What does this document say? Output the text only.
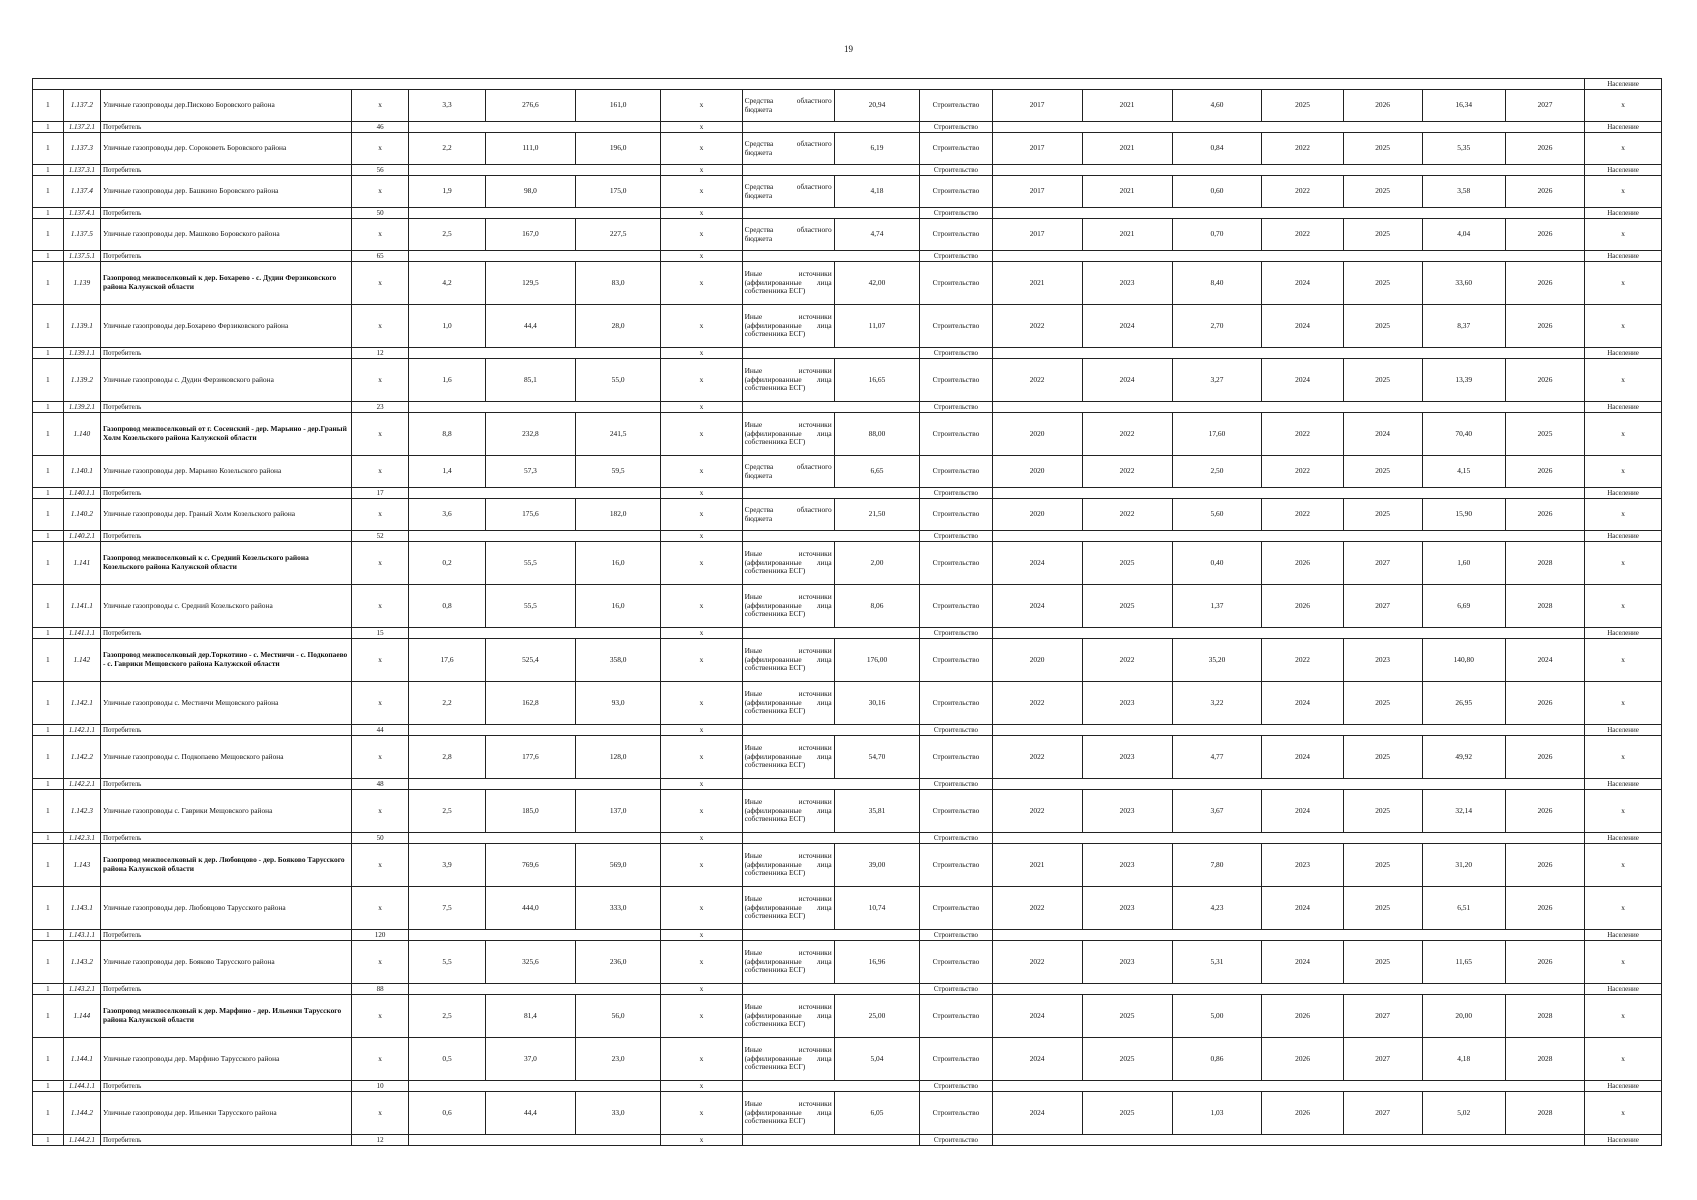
19
																		Население
1	1.137.2	Уличные газопроводы дер.Писково Боровского района	x	3,3	276,6	161,0	x	Средства областного бюджета	20,94	Строительство	2017	2021	4,60	2025	2026	16,34	2027	x
1	1.137.2.1	Потребитель	46				x			Строительство								Население
1	1.137.3	Уличные газопроводы дер. Сороковеть Боровского района	x	2,2	111,0	196,0	x	Средства областного бюджета	6,19	Строительство	2017	2021	0,84	2022	2025	5,35	2026	x
1	1.137.3.1	Потребитель	56				x			Строительство								Население
1	1.137.4	Уличные газопроводы дер. Башкино Боровского района	x	1,9	98,0	175,0	x	Средства областного бюджета	4,18	Строительство	2017	2021	0,60	2022	2025	3,58	2026	x
1	1.137.4.1	Потребитель	50				x			Строительство								Население
1	1.137.5	Уличные газопроводы дер. Машково Боровского района	x	2,5	167,0	227,5	x	Средства областного бюджета	4,74	Строительство	2017	2021	0,70	2022	2025	4,04	2026	x
1	1.137.5.1	Потребитель	65				x			Строительство								Население
1	1.139	Газопровод межпоселковый к дер. Бохарево - с. Дудин Ферзиковского района Калужской области	x	4,2	129,5	83,0	x	Иные источники (аффилированные лица собственника ЕСГ)	42,00	Строительство	2021	2023	8,40	2024	2025	33,60	2026	x
1	1.139.1	Уличные газопроводы дер.Бохарево Ферзиковского района	x	1,0	44,4	28,0	x	Иные источники (аффилированные лица собственника ЕСГ)	11,07	Строительство	2022	2024	2,70	2024	2025	8,37	2026	x
1	1.139.1.1	Потребитель	12				x			Строительство								Население
1	1.139.2	Уличные газопроводы с. Дудин Ферзиковского района	x	1,6	85,1	55,0	x	Иные источники (аффилированные лица собственника ЕСГ)	16,65	Строительство	2022	2024	3,27	2024	2025	13,39	2026	x
1	1.139.2.1	Потребитель	23				x			Строительство								Население
1	1.140	Газопровод межпоселковый от г. Сосенский - дер. Марьино - дер.Граный Холм Козельского района Калужской области	x	8,8	232,8	241,5	x	Иные источники (аффилированные лица собственника ЕСГ)	88,00	Строительство	2020	2022	17,60	2022	2024	70,40	2025	x
1	1.140.1	Уличные газопроводы дер. Марьино Козельского района	x	1,4	57,3	59,5	x	Средства областного бюджета	6,65	Строительство	2020	2022	2,50	2022	2025	4,15	2026	x
1	1.140.1.1	Потребитель	17				x			Строительство								Население
1	1.140.2	Уличные газопроводы дер. Граный Холм Козельского района	x	3,6	175,6	182,0	x	Средства областного бюджета	21,50	Строительство	2020	2022	5,60	2022	2025	15,90	2026	x
1	1.140.2.1	Потребитель	52				x			Строительство								Население
1	1.141	Газопровод межпоселковый к с. Средний Козельского района Козельского района Калужской области	x	0,2	55,5	16,0	x	Иные источники (аффилированные лица собственника ЕСГ)	2,00	Строительство	2024	2025	0,40	2026	2027	1,60	2028	x
1	1.141.1	Уличные газопроводы с. Средний Козельского района	x	0,8	55,5	16,0	x	Иные источники (аффилированные лица собственника ЕСГ)	8,06	Строительство	2024	2025	1,37	2026	2027	6,69	2028	x
1	1.141.1.1	Потребитель	15				x			Строительство								Население
1	1.142	Газопровод межпоселковый дер.Торкотино - с. Местничи - с. Подкопаево - с. Гаврики Мещовского района Калужской области	x	17,6	525,4	358,0	x	Иные источники (аффилированные лица собственника ЕСГ)	176,00	Строительство	2020	2022	35,20	2022	2023	140,80	2024	x
1	1.142.1	Уличные газопроводы с. Местничи Мещовского района	x	2,2	162,8	93,0	x	Иные источники (аффилированные лица собственника ЕСГ)	30,16	Строительство	2022	2023	3,22	2024	2025	26,95	2026	x
1	1.142.1.1	Потребитель	44				x			Строительство								Население
1	1.142.2	Уличные газопроводы с. Подкопаево Мещовского района	x	2,8	177,6	128,0	x	Иные источники (аффилированные лица собственника ЕСГ)	54,70	Строительство	2022	2023	4,77	2024	2025	49,92	2026	x
1	1.142.2.1	Потребитель	48				x			Строительство								Население
1	1.142.3	Уличные газопроводы с. Гаврики Мещовского района	x	2,5	185,0	137,0	x	Иные источники (аффилированные лица собственника ЕСГ)	35,81	Строительство	2022	2023	3,67	2024	2025	32,14	2026	x
1	1.142.3.1	Потребитель	50				x			Строительство								Население
1	1.143	Газопровод межпоселковый к дер. Любовцово - дер. Бояково Тарусского района Калужской области	x	3,9	769,6	569,0	x	Иные источники (аффилированные лица собственника ЕСГ)	39,00	Строительство	2021	2023	7,80	2023	2025	31,20	2026	x
1	1.143.1	Уличные газопроводы дер. Любовцово Тарусского района	x	7,5	444,0	333,0	x	Иные источники (аффилированные лица собственника ЕСГ)	10,74	Строительство	2022	2023	4,23	2024	2025	6,51	2026	x
1	1.143.1.1	Потребитель	120				x			Строительство								Население
1	1.143.2	Уличные газопроводы дер. Бояково Тарусского района	x	5,5	325,6	236,0	x	Иные источники (аффилированные лица собственника ЕСГ)	16,96	Строительство	2022	2023	5,31	2024	2025	11,65	2026	x
1	1.143.2.1	Потребитель	88				x			Строительство								Население
1	1.144	Газопровод межпоселковый к дер. Марфино - дер. Ильенки Тарусского района Калужской области	x	2,5	81,4	56,0	x	Иные источники (аффилированные лица собственника ЕСГ)	25,00	Строительство	2024	2025	5,00	2026	2027	20,00	2028	x
1	1.144.1	Уличные газопроводы дер. Марфино Тарусского района	x	0,5	37,0	23,0	x	Иные источники (аффилированные лица собственника ЕСГ)	5,04	Строительство	2024	2025	0,86	2026	2027	4,18	2028	x
1	1.144.1.1	Потребитель	10				x			Строительство								Население
1	1.144.2	Уличные газопроводы дер. Ильенки Тарусского района	x	0,6	44,4	33,0	x	Иные источники (аффилированные лица собственника ЕСГ)	6,05	Строительство	2024	2025	1,03	2026	2027	5,02	2028	x
1	1.144.2.1	Потребитель	12				x			Строительство								Население
